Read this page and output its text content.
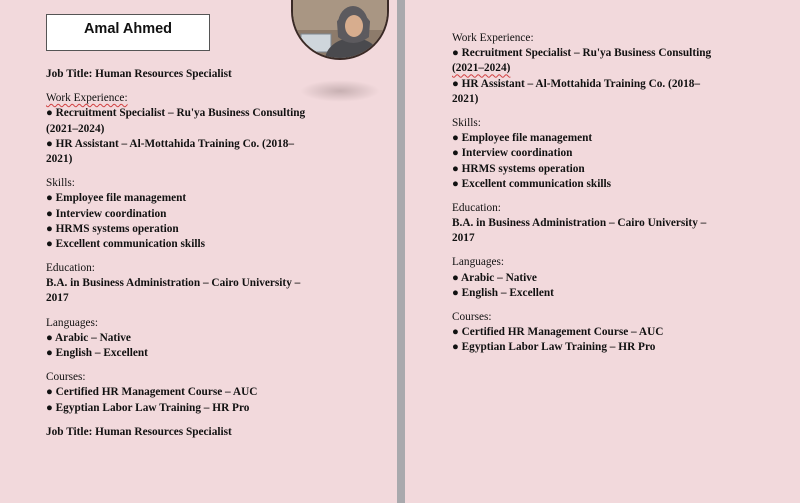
Amal Ahmed
Job Title: Human Resources Specialist
Work Experience:
● Recruitment Specialist – Ru'ya Business Consulting
(2021–2024)
● HR Assistant – Al-Mottahida Training Co. (2018–
2021)
Skills:
● Employee file management
● Interview coordination
● HRMS systems operation
● Excellent communication skills
Education:
B.A. in Business Administration – Cairo University –
2017
Languages:
● Arabic – Native
● English – Excellent
Courses:
● Certified HR Management Course – AUC
● Egyptian Labor Law Training – HR Pro
Job Title: Human Resources Specialist
Work Experience:
● Recruitment Specialist – Ru'ya Business Consulting
(2021–2024)
● HR Assistant – Al-Mottahida Training Co. (2018–
2021)
Skills:
● Employee file management
● Interview coordination
● HRMS systems operation
● Excellent communication skills
Education:
B.A. in Business Administration – Cairo University –
2017
Languages:
● Arabic – Native
● English – Excellent
Courses:
● Certified HR Management Course – AUC
● Egyptian Labor Law Training – HR Pro
